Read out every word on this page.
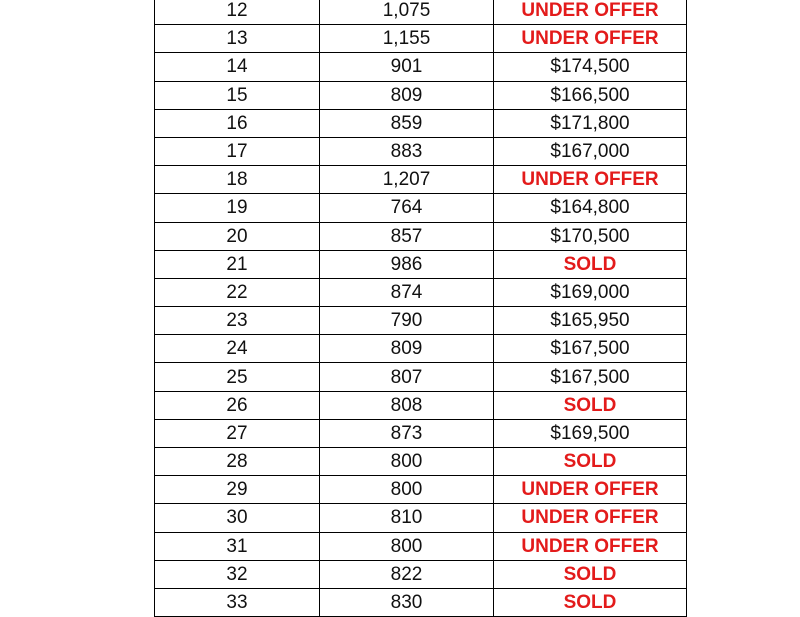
12	1,075	UNDER OFFER
13	1,155	UNDER OFFER
14	901	$174,500
15	809	$166,500
16	859	$171,800
17	883	$167,000
18	1,207	UNDER OFFER
19	764	$164,800
20	857	$170,500
21	986	SOLD
22	874	$169,000
23	790	$165,950
24	809	$167,500
25	807	$167,500
26	808	SOLD
27	873	$169,500
28	800	SOLD
29	800	UNDER OFFER
30	810	UNDER OFFER
31	800	UNDER OFFER
32	822	SOLD
33	830	SOLD
